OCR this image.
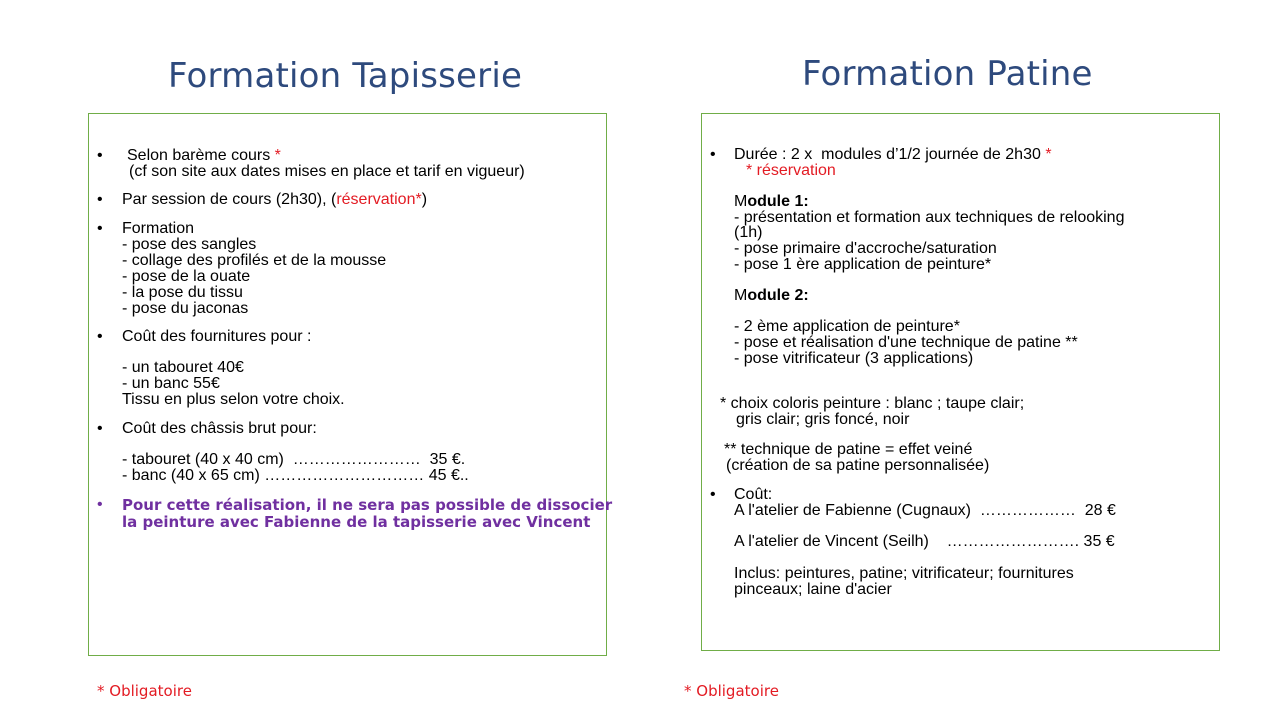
Formation Tapisserie	Formation Patine
• Selon barème cours *
(cf son site aux dates mises en place et tarif en vigueur)
• Par session de cours (2h30), (réservation*)
• Formation
- pose des sangles
- collage des profilés et de la mousse
- pose de la ouate
- la pose du tissu
- pose du jaconas
• Coût des fournitures pour :
- un tabouret 40€
- un banc 55€
Tissu en plus selon votre choix.
• Coût des châssis brut pour:
- tabouret (40 x 40 cm)  ……………………  35 €.
- banc (40 x 65 cm) ………………………… 45 €..
• Pour cette réalisation, il ne sera pas possible de dissocier
la peinture avec Fabienne de la tapisserie avec Vincent
• Durée : 2 x  modules d’1/2 journée de 2h30 *
* réservation
Module 1:
- présentation et formation aux techniques de relooking
(1h)
- pose primaire d'accroche/saturation
- pose 1 ère application de peinture*
Module 2:
- 2 ème application de peinture*
- pose et réalisation d'une technique de patine **
- pose vitrificateur (3 applications)
* choix coloris peinture : blanc ; taupe clair;
gris clair; gris foncé, noir
** technique de patine = effet veiné
(création de sa patine personnalisée)
• Coût:
A l'atelier de Fabienne (Cugnaux)  ………………  28 €
A l'atelier de Vincent (Seilh)    ……………………. 35 €
Inclus: peintures, patine; vitrificateur; fournitures
pinceaux; laine d'acier
* Obligatoire	* Obligatoire
